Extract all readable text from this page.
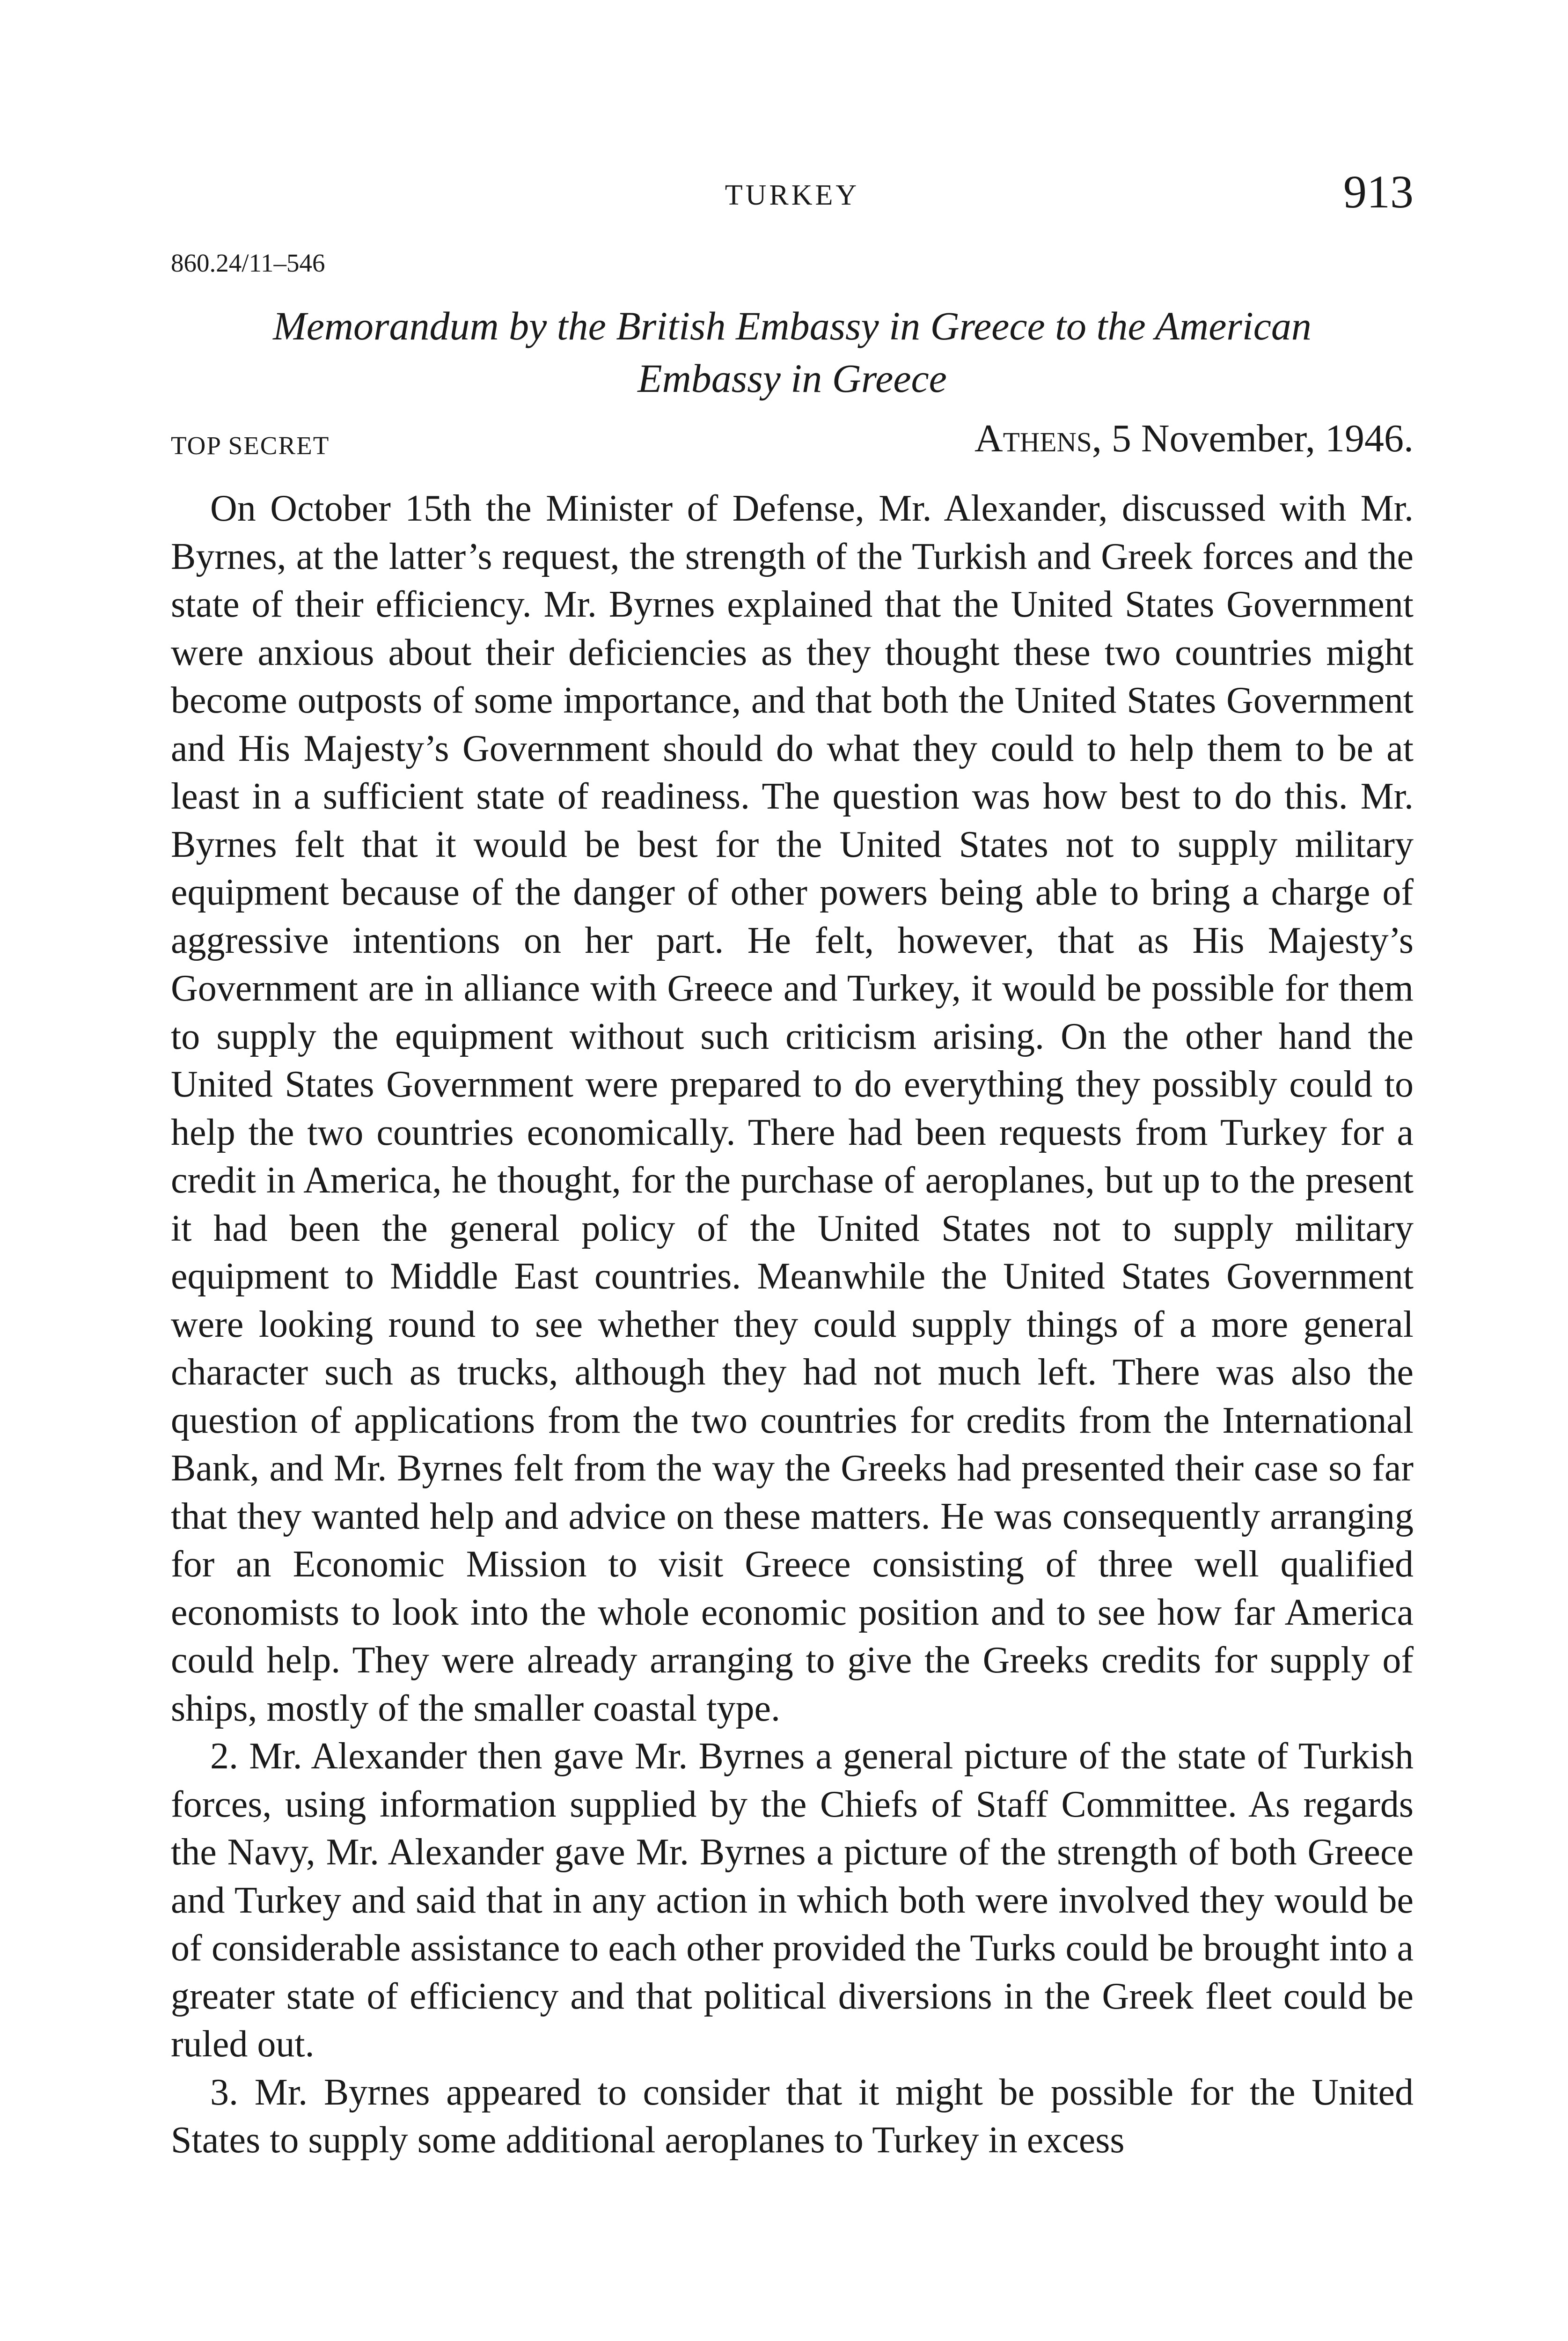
TURKEY	913
860.24/11–546
Memorandum by the British Embassy in Greece to the American
Embassy in Greece
TOP SECRET	Athens, 5 November, 1946.

On October 15th the Minister of Defense, Mr. Alexander, discussed with Mr. Byrnes, at the latter’s request, the strength of the Turkish and Greek forces and the state of their efficiency. Mr. Byrnes explained that the United States Government were anxious about their deficiencies as they thought these two countries might become outposts of some importance, and that both the United States Government and His Majesty’s Government should do what they could to help them to be at least in a sufficient state of readiness. The question was how best to do this. Mr. Byrnes felt that it would be best for the United States not to supply military equipment because of the danger of other powers being able to bring a charge of aggressive intentions on her part. He felt, however, that as His Majesty’s Government are in alliance with Greece and Turkey, it would be possible for them to supply the equipment without such criticism arising. On the other hand the United States Government were prepared to do everything they possibly could to help the two countries economically. There had been requests from Turkey for a credit in America, he thought, for the purchase of aeroplanes, but up to the present it had been the general policy of the United States not to supply military equipment to Middle East countries. Meanwhile the United States Government were looking round to see whether they could supply things of a more general character such as trucks, although they had not much left. There was also the question of applications from the two countries for credits from the International Bank, and Mr. Byrnes felt from the way the Greeks had presented their case so far that they wanted help and advice on these matters. He was consequently arranging for an Economic Mission to visit Greece consisting of three well qualified economists to look into the whole economic position and to see how far America could help. They were already arranging to give the Greeks credits for supply of ships, mostly of the smaller coastal type.

2. Mr. Alexander then gave Mr. Byrnes a general picture of the state of Turkish forces, using information supplied by the Chiefs of Staff Committee. As regards the Navy, Mr. Alexander gave Mr. Byrnes a picture of the strength of both Greece and Turkey and said that in any action in which both were involved they would be of considerable assistance to each other provided the Turks could be brought into a greater state of efficiency and that political diversions in the Greek fleet could be ruled out.

3. Mr. Byrnes appeared to consider that it might be possible for the United States to supply some additional aeroplanes to Turkey in excess
